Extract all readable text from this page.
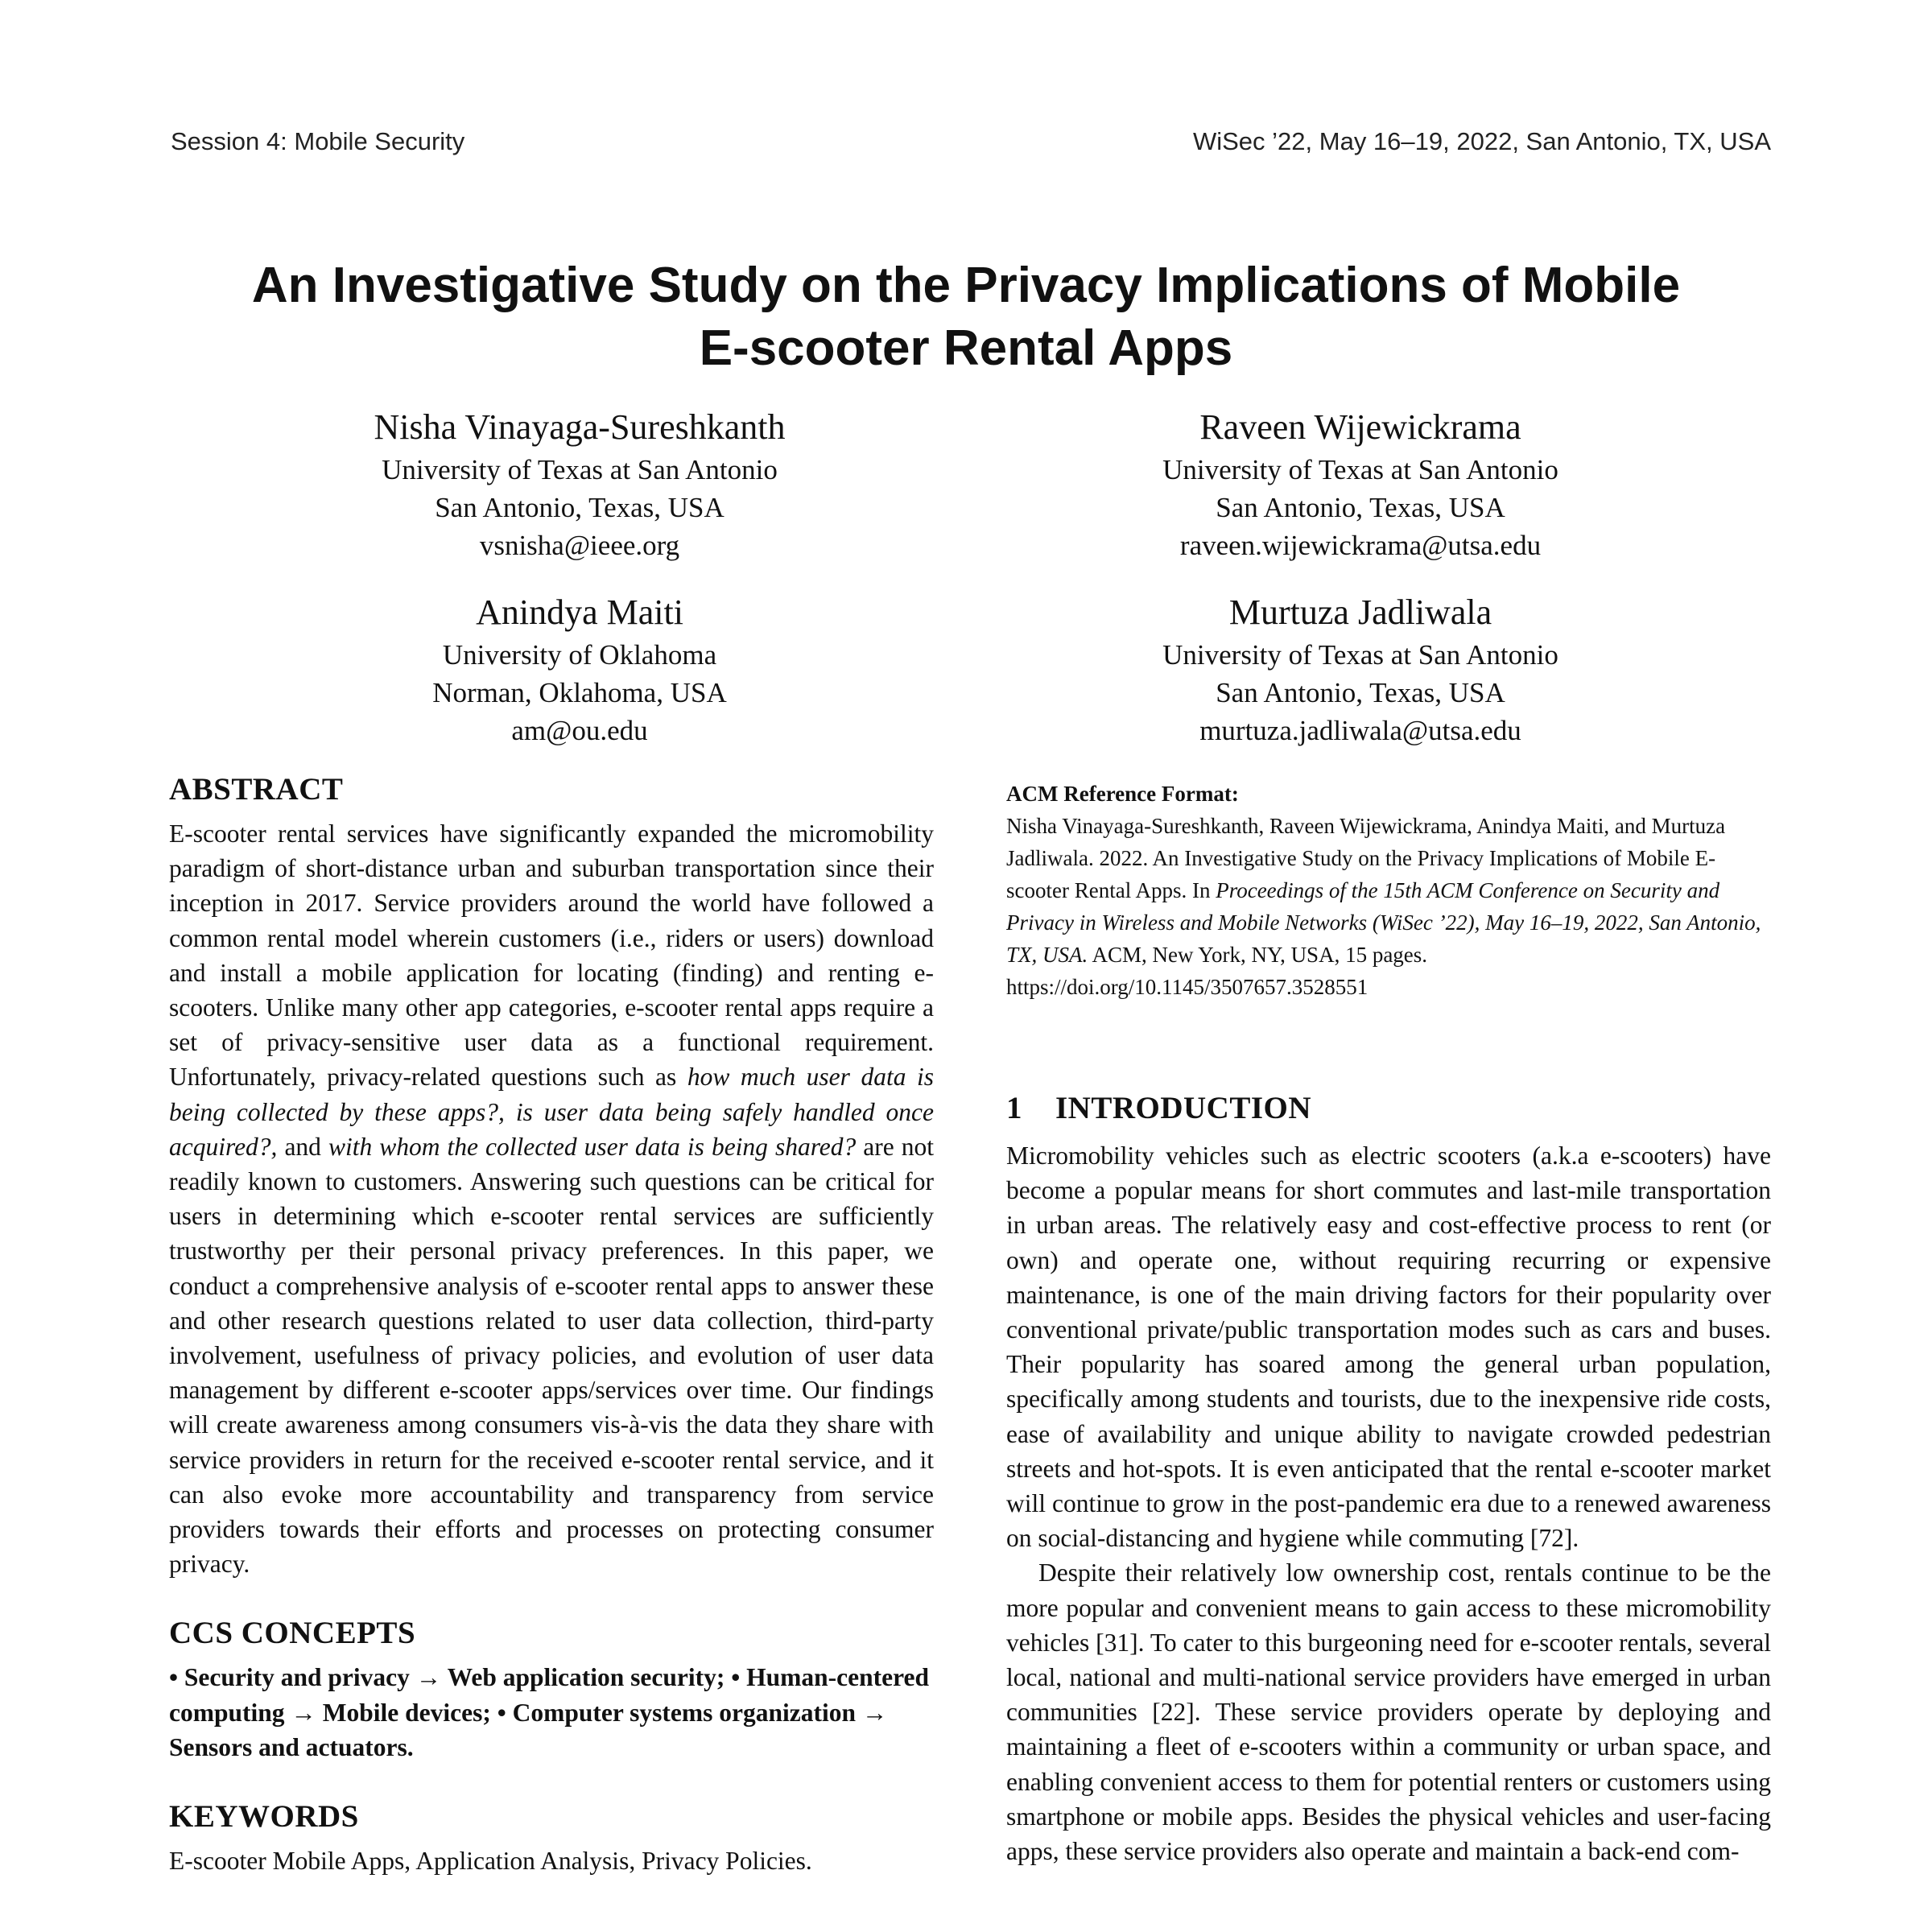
Session 4: Mobile Security	WiSec ’22, May 16–19, 2022, San Antonio, TX, USA
An Investigative Study on the Privacy Implications of Mobile
E-scooter Rental Apps
Nisha Vinayaga-Sureshkanth
University of Texas at San Antonio
San Antonio, Texas, USA
vsnisha@ieee.org
Raveen Wijewickrama
University of Texas at San Antonio
San Antonio, Texas, USA
raveen.wijewickrama@utsa.edu
Anindya Maiti
University of Oklahoma
Norman, Oklahoma, USA
am@ou.edu
Murtuza Jadliwala
University of Texas at San Antonio
San Antonio, Texas, USA
murtuza.jadliwala@utsa.edu
ABSTRACT

E-scooter rental services have significantly expanded the micromobility paradigm of short-distance urban and suburban transportation since their inception in 2017. Service providers around the world have followed a common rental model wherein customers (i.e., riders or users) download and install a mobile application for locating (finding) and renting e-scooters. Unlike many other app categories, e-scooter rental apps require a set of privacy-sensitive user data as a functional requirement. Unfortunately, privacy-related questions such as how much user data is being collected by these apps?, is user data being safely handled once acquired?, and with whom the collected user data is being shared? are not readily known to customers. Answering such questions can be critical for users in determining which e-scooter rental services are sufficiently trustworthy per their personal privacy preferences. In this paper, we conduct a comprehensive analysis of e-scooter rental apps to answer these and other research questions related to user data collection, third-party involvement, usefulness of privacy policies, and evolution of user data management by different e-scooter apps/services over time. Our findings will create awareness among consumers vis-à-vis the data they share with service providers in return for the received e-scooter rental service, and it can also evoke more accountability and transparency from service providers towards their efforts and processes on protecting consumer privacy.

CCS CONCEPTS

• Security and privacy → Web application security; • Human-centered computing → Mobile devices; • Computer systems organization → Sensors and actuators.

KEYWORDS

E-scooter Mobile Apps, Application Analysis, Privacy Policies.

ACM Reference Format:

Nisha Vinayaga-Sureshkanth, Raveen Wijewickrama, Anindya Maiti, and Murtuza Jadliwala. 2022. An Investigative Study on the Privacy Implications of Mobile E-scooter Rental Apps. In Proceedings of the 15th ACM Conference on Security and Privacy in Wireless and Mobile Networks (WiSec ’22), May 16–19, 2022, San Antonio, TX, USA. ACM, New York, NY, USA, 15 pages. https://doi.org/10.1145/3507657.3528551

1    INTRODUCTION

Micromobility vehicles such as electric scooters (a.k.a e-scooters) have become a popular means for short commutes and last-mile transportation in urban areas. The relatively easy and cost-effective process to rent (or own) and operate one, without requiring recurring or expensive maintenance, is one of the main driving factors for their popularity over conventional private/public transportation modes such as cars and buses. Their popularity has soared among the general urban population, specifically among students and tourists, due to the inexpensive ride costs, ease of availability and unique ability to navigate crowded pedestrian streets and hot-spots. It is even anticipated that the rental e-scooter market will continue to grow in the post-pandemic era due to a renewed awareness on social-distancing and hygiene while commuting [72].

Despite their relatively low ownership cost, rentals continue to be the more popular and convenient means to gain access to these micromobility vehicles [31]. To cater to this burgeoning need for e-scooter rentals, several local, national and multi-national service providers have emerged in urban communities [22]. These service providers operate by deploying and maintaining a fleet of e-scooters within a community or urban space, and enabling convenient access to them for potential renters or customers using smartphone or mobile apps. Besides the physical vehicles and user-facing apps, these service providers also operate and maintain a back-end com-
